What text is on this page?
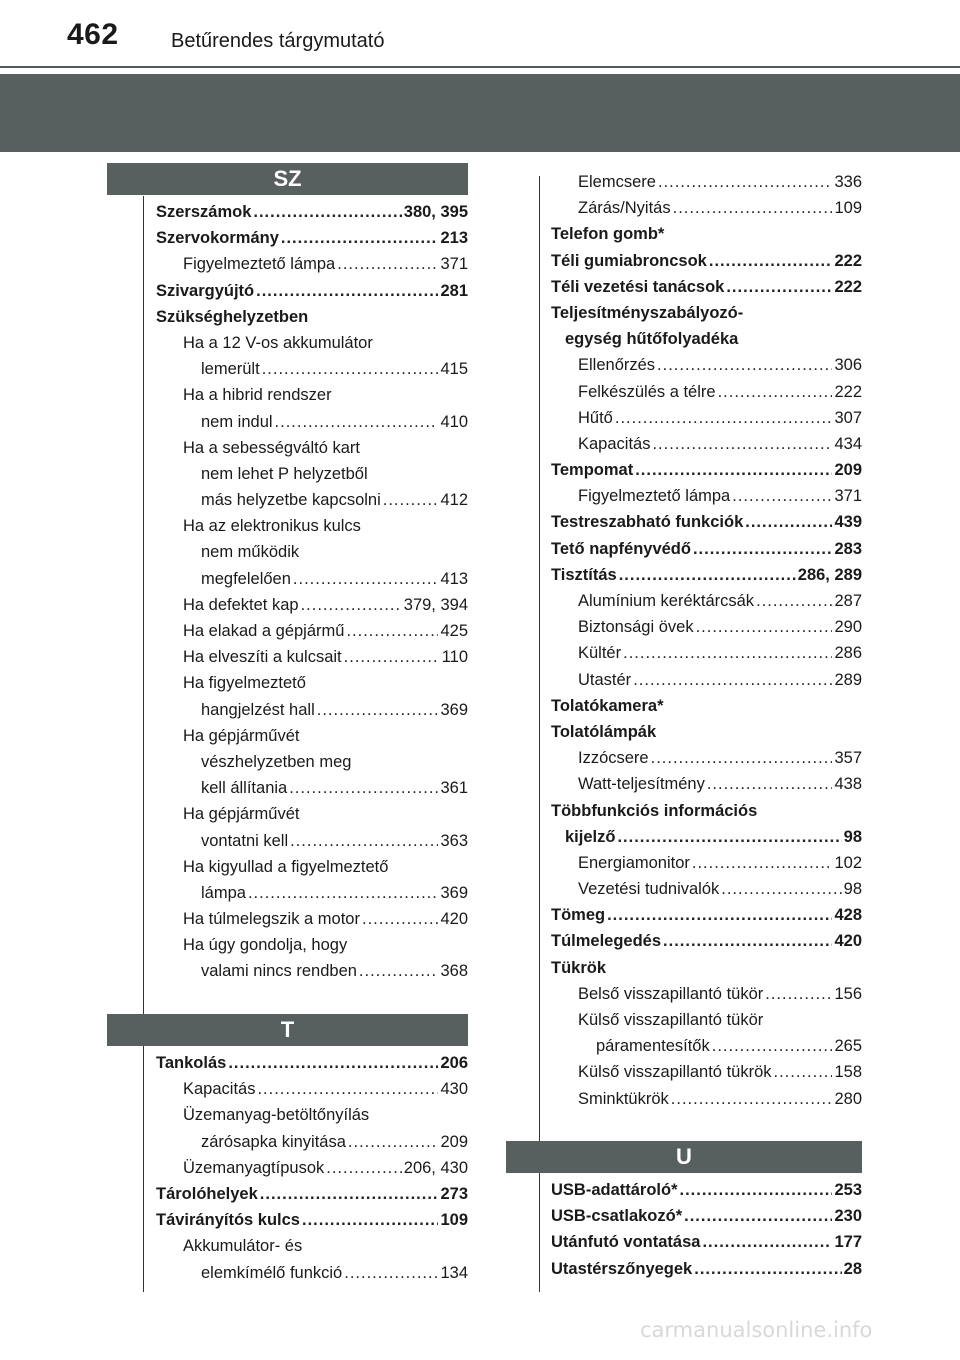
462	Betűrendes tárgymutató
SZ
Szerszámok .....	380, 395
Szervokormány .....	213
Figyelmeztető lámpa .....	371
Szivargyújtó .....	281
Szükséghelyzetben
Ha a 12 V-os akkumulátor
lemerült .....	415
Ha a hibrid rendszer
nem indul .....	410
Ha a sebességváltó kart
nem lehet P helyzetből
más helyzetbe kapcsolni .....	412
Ha az elektronikus kulcs
nem működik
megfelelően .....	413
Ha defektet kap .....	379, 394
Ha elakad a gépjármű .....	425
Ha elveszíti a kulcsait .....	110
Ha figyelmeztető
hangjelzést hall .....	369
Ha gépjárművét
vészhelyzetben meg
kell állítania .....	361
Ha gépjárművét
vontatni kell .....	363
Ha kigyullad a figyelmeztető
lámpa .....	369
Ha túlmelegszik a motor .....	420
Ha úgy gondolja, hogy
valami nincs rendben .....	368
T
Tankolás .....	206
Kapacitás .....	430
Üzemanyag-betöltőnyílás
zárósapka kinyitása .....	209
Üzemanyagtípusok .....	206, 430
Tárolóhelyek .....	273
Távirányítós kulcs .....	109
Akkumulátor- és
elemkímélő funkció .....	134
Elemcsere .....	336
Zárás/Nyitás .....	109
Telefon gomb*
Téli gumiabroncsok .....	222
Téli vezetési tanácsok .....	222
Teljesítményszabályozó-
egység hűtőfolyadéka
Ellenőrzés .....	306
Felkészülés a télre .....	222
Hűtő .....	307
Kapacitás .....	434
Tempomat .....	209
Figyelmeztető lámpa .....	371
Testreszabható funkciók .....	439
Tető napfényvédő .....	283
Tisztítás .....	286, 289
Alumínium keréktárcsák .....	287
Biztonsági övek .....	290
Kültér .....	286
Utastér .....	289
Tolatókamera*
Tolatólámpák
Izzócsere .....	357
Watt-teljesítmény .....	438
Többfunkciós információs
kijelző .....	98
Energiamonitor .....	102
Vezetési tudnivalók .....	98
Tömeg .....	428
Túlmelegedés .....	420
Tükrök
Belső visszapillantó tükör .....	156
Külső visszapillantó tükör
páramentesítők .....	265
Külső visszapillantó tükrök .....	158
Sminktükrök .....	280
U
USB-adattároló* .....	253
USB-csatlakozó* .....	230
Utánfutó vontatása .....	177
Utastérszőnyegek .....	28
carmanualsonline.info
